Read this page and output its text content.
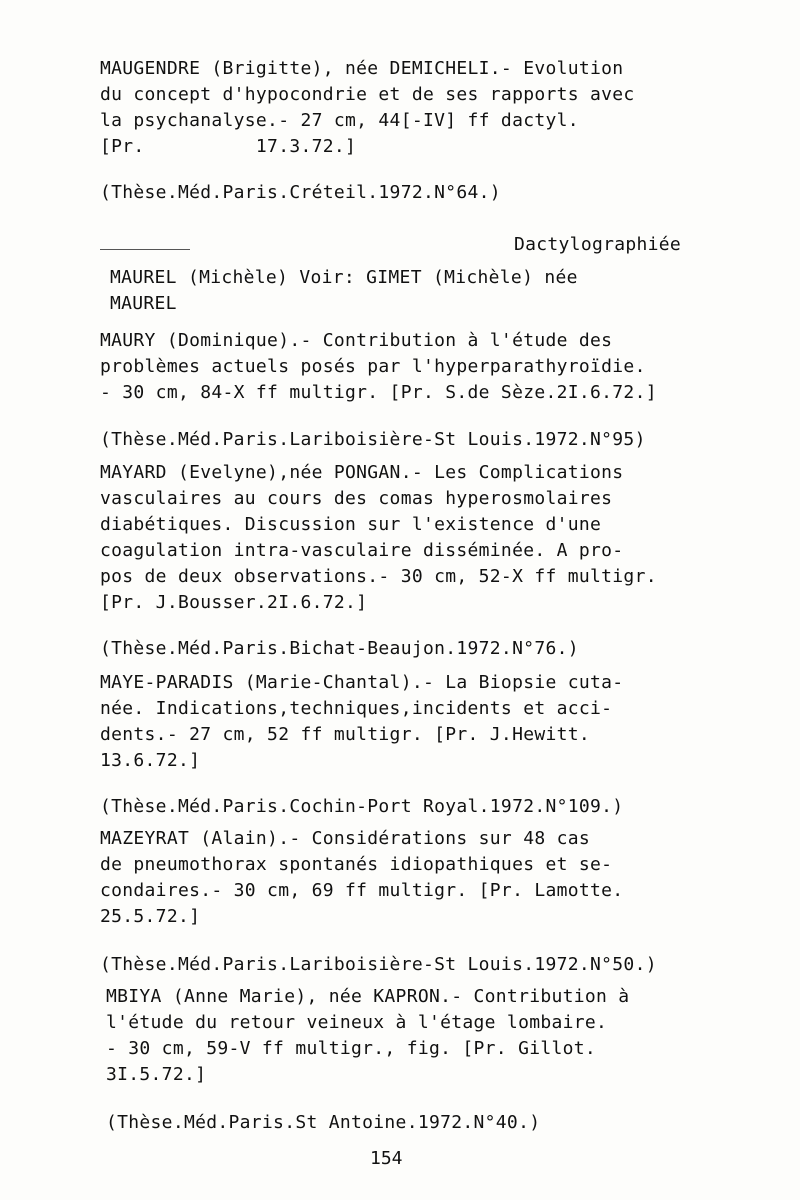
MAUGENDRE (Brigitte), née DEMICHELI.- Evolution
du concept d'hypocondrie et de ses rapports avec
la psychanalyse.- 27 cm, 44[-IV] ff dactyl.
[Pr.          17.3.72.]
(Thèse.Méd.Paris.Créteil.1972.N°64.)
Dactylographiée
MAUREL (Michèle) Voir: GIMET (Michèle) née
MAUREL
MAURY (Dominique).- Contribution à l'étude des
problèmes actuels posés par l'hyperparathyroïdie.
- 30 cm, 84-X ff multigr. [Pr. S.de Sèze.2I.6.72.]
(Thèse.Méd.Paris.Lariboisière-St Louis.1972.N°95)
MAYARD (Evelyne),née PONGAN.- Les Complications
vasculaires au cours des comas hyperosmolaires
diabétiques. Discussion sur l'existence d'une
coagulation intra-vasculaire disséminée. A pro-
pos de deux observations.- 30 cm, 52-X ff multigr.
[Pr. J.Bousser.2I.6.72.]
(Thèse.Méd.Paris.Bichat-Beaujon.1972.N°76.)
MAYE-PARADIS (Marie-Chantal).- La Biopsie cuta-
née. Indications,techniques,incidents et acci-
dents.- 27 cm, 52 ff multigr. [Pr. J.Hewitt.
13.6.72.]
(Thèse.Méd.Paris.Cochin-Port Royal.1972.N°109.)
MAZEYRAT (Alain).- Considérations sur 48 cas
de pneumothorax spontanés idiopathiques et se-
condaires.- 30 cm, 69 ff multigr. [Pr. Lamotte.
25.5.72.]
(Thèse.Méd.Paris.Lariboisière-St Louis.1972.N°50.)
MBIYA (Anne Marie), née KAPRON.- Contribution à
l'étude du retour veineux à l'étage lombaire.
- 30 cm, 59-V ff multigr., fig. [Pr. Gillot.
3I.5.72.]
(Thèse.Méd.Paris.St Antoine.1972.N°40.)
154
